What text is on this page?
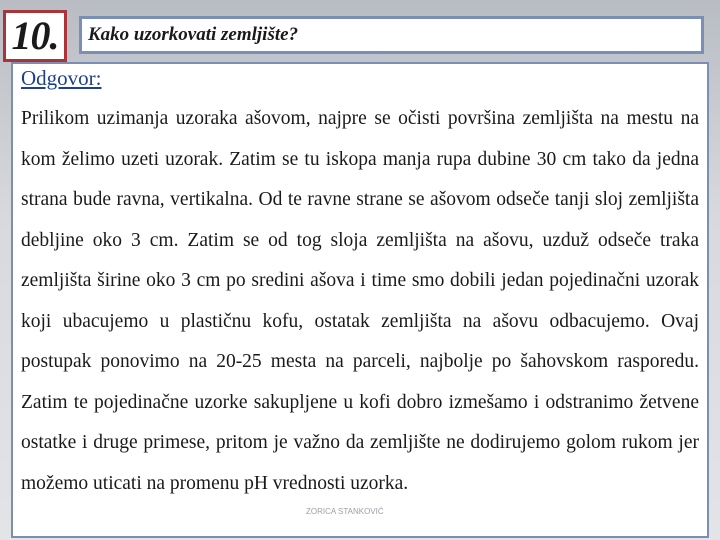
10. Kako uzorkovati zemljište?

Odgovor:

Prilikom uzimanja uzoraka ašovom, najpre se očisti površina zemljišta na mestu na kom želimo uzeti uzorak. Zatim se tu iskopa manja rupa dubine 30 cm tako da jedna strana bude ravna, vertikalna. Od te ravne strane se ašovom odseče tanji sloj zemljišta debljine oko 3 cm. Zatim se od tog sloja zemljišta na ašovu, uzduž odseče traka zemljišta širine oko 3 cm po sredini ašova i time smo dobili jedan pojedinačni uzorak koji ubacujemo u plastičnu kofu, ostatak zemljišta na ašovu odbacujemo. Ovaj postupak ponovimo na 20-25 mesta na parceli, najbolje po šahovskom rasporedu. Zatim te pojedinačne uzorke sakupljene u kofi dobro izmešamo i odstranimo žetvene ostatke i druge primese, pritom je važno da zemljište ne dodirujemo golom rukom jer možemo uticati na promenu pH vrednosti uzorka.

ZORICA STANKOVIĆ
